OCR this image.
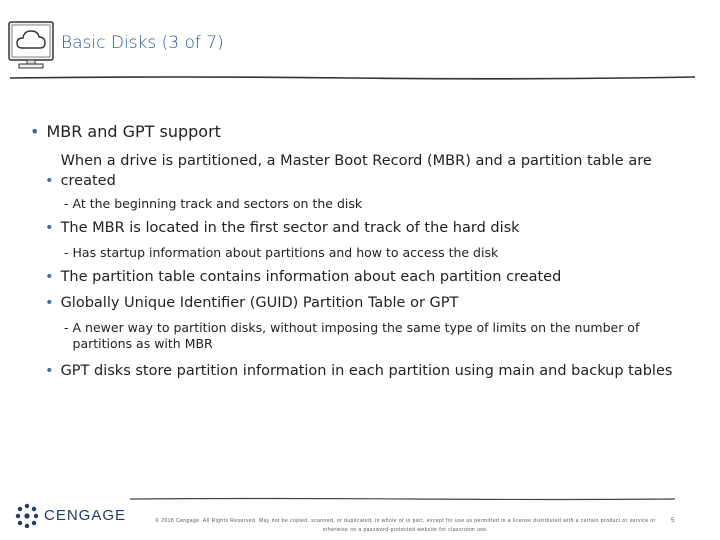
Basic Disks (3 of 7)
• MBR and GPT support
•When a drive is partitioned, a Master Boot Record (MBR) and a partition table are created
- At the beginning track and sectors on the disk
• The MBR is located in the first sector and track of the hard disk
- Has startup information about partitions and how to access the disk
• The partition table contains information about each partition created
• Globally Unique Identifier (GUID) Partition Table or GPT
- A newer way to partition disks, without imposing the same type of limits on the number of partitions as with MBR
• GPT disks store partition information in each partition using main and backup tables
CENGAGE	© 2018 Cengage. All Rights Reserved. May not be copied, scanned, or duplicated, in whole or in part, except for use as permitted in a license distributed with a certain product or service or otherwise on a password-protected website for classroom use.
5
